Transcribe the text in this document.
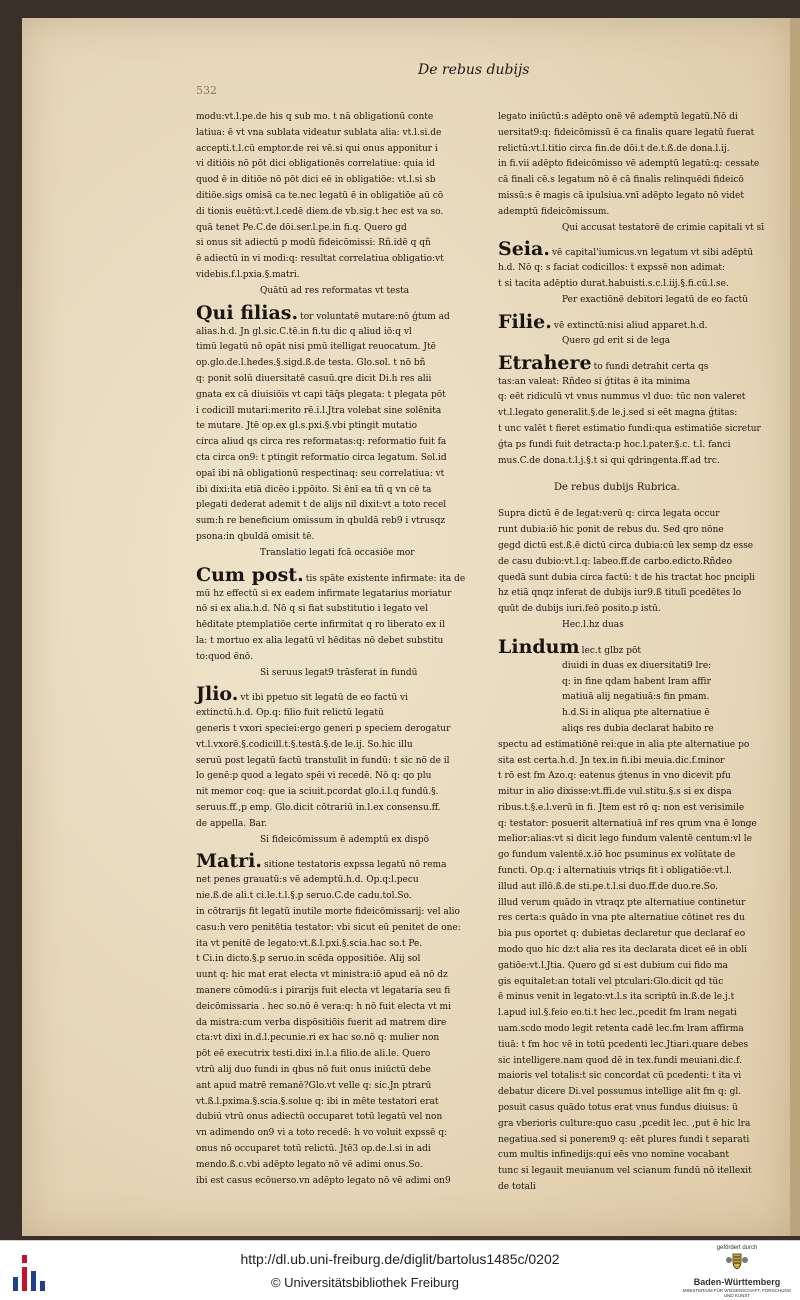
De rebus dubijs
532
modu:vt.l.pe.de his q sub mo. t nā obligationū conte
latiua: ē vt vna sublata videatur sublata alia: vt.l.si.de
accepti.t.l.cū emptor.de rei vē.si qui onus apponitur i
vi ditiōis nō pōt dici obligationēs correlatiue: quia id
quod ē in ditiōe nō pōt dici eē in obligatiōe: vt.l.si sb
ditiōe.sigs omisā ca te.nec legatū ē in obligatiōe aū cō
di tionis euētū:vt.l.cedē diem.de vb.sig.t hec est va so.
quā tenet Pe.C.de dōi.ser.l.pe.in fi.q. Quero gd
si onus sit adiectū p modū fideicōmissi: Rñ.idē q qñ
ē adiectū in vi modi:q: resultat correlatiua obligatio:vt
videbis.f.l.pxia.§.matri.
Quātū ad res reformatas vt testa
Qui filias. tor voluntatē mutare:nō ǵtum ad
alias.h.d. Jn gl.sic.C.tē.in fi.tu dic q aliud iō:q vl
timū legatū nō opāt nisi pmū itelligat reuocatum. Jtē
op.glo.de.l.hedes.§.sigd.ß.de testa. Glo.sol. t nō bñ
q: ponit solū diuersitatē casuū.qre dicit Di.h res alii
gnata ex cā diuisiōis vt capi tāq̄s plegata: t plegata pōt
i codicill mutari:merito rē.i.l.Jtra volebat sine solēnita
te mutare. Jtē op.ex gl.s.pxi.§.vbi ptingit mutatio
circa aliud qs circa res reformatas:q: reformatio fuit fa
cta circa on9: t ptingit reformatio circa legatum. Sol.id
opaī ibi nā obligationū respectinaq: seu correlatiua: vt
ibi dixi:ita etiā dicēo i.ppōito. Si ēnī ea tñ q vn cē ta
plegati dederat ademit t de alijs nil dixit:vt a toto recel
sum:h re beneficium omissum in qbuldā reb9 i vtrusqz
psona:in qbuldā omisit tē.
Translatio legati fcā occasiōe mor
Cum post. tis spāte existente infirmate: ita de
mū hz effectū si ex eadem infirmate legatarius moriatur
nō si ex alia.h.d. Nō q si fiat substitutio i legato vel
hēditate ptemplatiōe certe infirmitat q ro liberato ex il
la: t mortuo ex alia legatū vl hēditas nō debet substitu
to:quod ēnō.
Si seruus legat9 trāsferat in fundū
Jlio. vt ibi ppetuo sit legatū de eo factū vi
extinctū.h.d. Op.q: filio fuit relictū legatū
generis t vxori speciei:ergo generi p speciem derogatur
vt.l.vxorē.§.codicill.t.§.testā.§.de le.ij. So.hic illu
seruū post legatū factū transtulit in fundū: t sic nō de il
lo genē:p quod a legato spēi vi recedē. Nō q: qo plu
nit memor coq: que ia sciuit.pcordat glo.i.l.q fundū.§.
seruus.ff.,p emp. Glo.dicit cōtrariū in.l.ex consensu.ff.
de appella. Bar.
Si fideicōmissum ē ademptū ex dispō
Matri. sitione testatoris expssa legatū nō rema
net penes grauatū:s vē ademptū.h.d. Op.q:l.pecu
nie.ß.de ali.t ci.le.t.l.§.p seruo.C.de cadu.tol.So.
in cōtrarijs fit legatū inutile morte fideicōmissarij: vel alio
casu:h vero penitētia testator: vbi sicut eū penitet de one:
ita vt penitē de legato:vt.ß.l.pxi.§.scia.hac so.t Pe.
t Ci.in dicto.§.p seruo.in scēda oppositiōe. Alij sol
uunt q: hic mat erat electa vt ministra:iō apud eā nō dz
manere cōmodū:s i pirarijs fuit electa vt legataria seu fi
deicōmissaria . hec so.nō ē vera:q: h nō fuit electa vt mi
da mistra:cum verba dispōsitiōis fuerit ad matrem dire
cta:vt dixi in.d.l.pecunie.ri ex hac so.nō q: mulier non
pōt eē executrix testi.dixi in.l.a filio.de ali.le. Quero
vtrū alij duo fundi in qbus nō fuit onus iniūctū debe
ant apud matrē remanē?Glo.vt velle q: sic.Jn ptrarū
vt.ß.l.pxima.§.scia.§.solue q: ibi in mēte testatori erat
dubiū vtrū onus adiectū occuparet totū legatū vel non
vn adimendo on9 vi a toto recedē: h vo voluit expssē q:
onus nō occuparet totū relictū. Jtē3 op.de.l.si in adi
mendo.ß.c.vbi adēpto legato nō vē adimi onus.So.
ibi est casus ecōuerso.vn adēpto legato nō vē adimi on9
legato iniūctū:s adēpto onē vē ademptū legatū.Nō di
uersitat9:q: fideicōmissū ē ca finalis quare legatū fuerat
relictū:vt.l.titio circa fin.de dōi.t de.t.ß.de dona.l.ij.
in fi.vii adēpto fideicōmisso vē ademptū legatū:q: cessate
cā finali cē.s legatum nō ē cā finalis relinquēdi fideicō
missū:s ē magis cā ipulsiua.vnī adēpto legato nō videt
ademptū fideicōmissum.
Qui accusat testatorē de crimie capitali vt sī
Seia. vē capital'iumicus.vn legatum vt sibi adēptū
h.d. Nō q: s faciat codicillos: t expssē non adimat:
t si tacita adēptio durat.habuisti.s.c.l.iij.§.fi.cū.l.se.
Per exactiōnē debitori legatū de eo factū
Filie. vē extinctū:nisi aliud apparet.h.d.
Quero gd erit si de lega
Etrahere to fundi detrahit certa qs
tas:an valeat: Rñdeo si ǵtitas ē ita minima
q: eēt ridiculū vt vnus nummus vl duo: tūc non valeret
vt.l.legato generalit.§.de le.j.sed si eēt magna ǵtitas:
t unc valēt t fieret estimatio fundi:qua estimatiōe sicretur
ǵta ps fundi fuit detracta:p hoc.l.pater.§.c. t.l. fanci
mus.C.de dona.t.l.j.§.t si qui qdringenta.ff.ad trc.
De rebus dubijs Rubrica.
Supra dictū ē de legat:verū q: circa legata occur
runt dubia:iō hic ponit de rebus du. Sed qro nōne
gegd dictū est.ß.ē dictū circa dubia:cū lex semp dz esse
de casu dubio:vt.l.q: labeo.ff.de carbo.edicto.Rñdeo
quedā sunt dubia circa factū: t de his tractat hoc pncipli
hz etiā qnqz inferat de dubijs iur9.ß titulī pcedētes lo
quūt de dubijs iuri.feō posito.p istū.
Hec.l.hz duas
Lindum lec.t glbz pōt
diuidi in duas ex diuersitati9 lre:
q: in fine qdam habent lram affir
matiuā alij negatiuā:s fin pmam.
h.d.Si in aliqua pte alternatiue ē
aliqs res dubia declarat habito re
spectu ad estimatiōnē rei:que in alia pte alternatiue po
sita est certa.h.d. Jn tex.in fi.ibi meuia.dic.f.minor
t rō est fm Azo.q: eatenus ǵtenus in vno dicevit pfu
mitur in alio dixisse:vt.ffi.de vul.stitu.§.s si ex dispa
ribus.t.§.e.l.verū in fi. Jtem est rō q: non est verisimile
q: testator: posuerit alternatiuā inf res qrum vna ē longe
melior:alias:vt si dicit lego fundum valentē centum:vl le
go fundum valentē.x.iō hoc psuminus ex volūtate de
functi. Op.q: i alternatiuis vtriqs fit i obligatiōe:vt.l.
illud aut illō.ß.de sti.pe.t.l.si duo.ff.de duo.re.So.
illud verum quādo in vtraqz pte alternatiue continetur
res certa:s quādo in vna pte alternatiue cōtinet res du
bia pus oportet q: dubietas declaretur que declaraf eo
modo quo hic dz:t alia res ita declarata dicet eē in obli
gatiōe:vt.l.Jtia. Quero gd si est dubium cui fido ma
gis equitalet:an totali vel ptculari:Glo.dicit qd tūc
ē minus venit in legato:vt.l.s ita scriptū in.ß.de le.j.t
l.apud iul.§.feio eo.ti.t hec lec.,pcedit fm lram negati
uam.scdo modo legit retenta cadē lec.fm lram affirma
tiuā: t fm hoc vē in totū pcedenti lec.Jtiari.quare debes
sic intelligere.nam quod dē in tex.fundi meuiani.dic.f.
maioris vel totalis:t sic concordat cū pcedenti: t ita vi
debatur dicere Di.vel possumus intellige alit fm q: gl.
posuit casus quādo totus erat vnus fundus diuisus: ū
gra vberioris culture:quo casu ,pcedit lec. ,put ē hic lra
negatiua.sed si ponerem9 q: eēt plures fundi t separati
cum multis infinedijs:qui eēs vno nomine vocabant
tunc si legauit meuianum vel scianum fundū nō itellexit
de totali
http://dl.ub.uni-freiburg.de/diglit/bartolus1485c/0202
© Universitätsbibliothek Freiburg
gefördert durch
Baden-Württemberg
MINISTERIUM FÜR WISSENSCHAFT, FORSCHUNG UND KUNST
